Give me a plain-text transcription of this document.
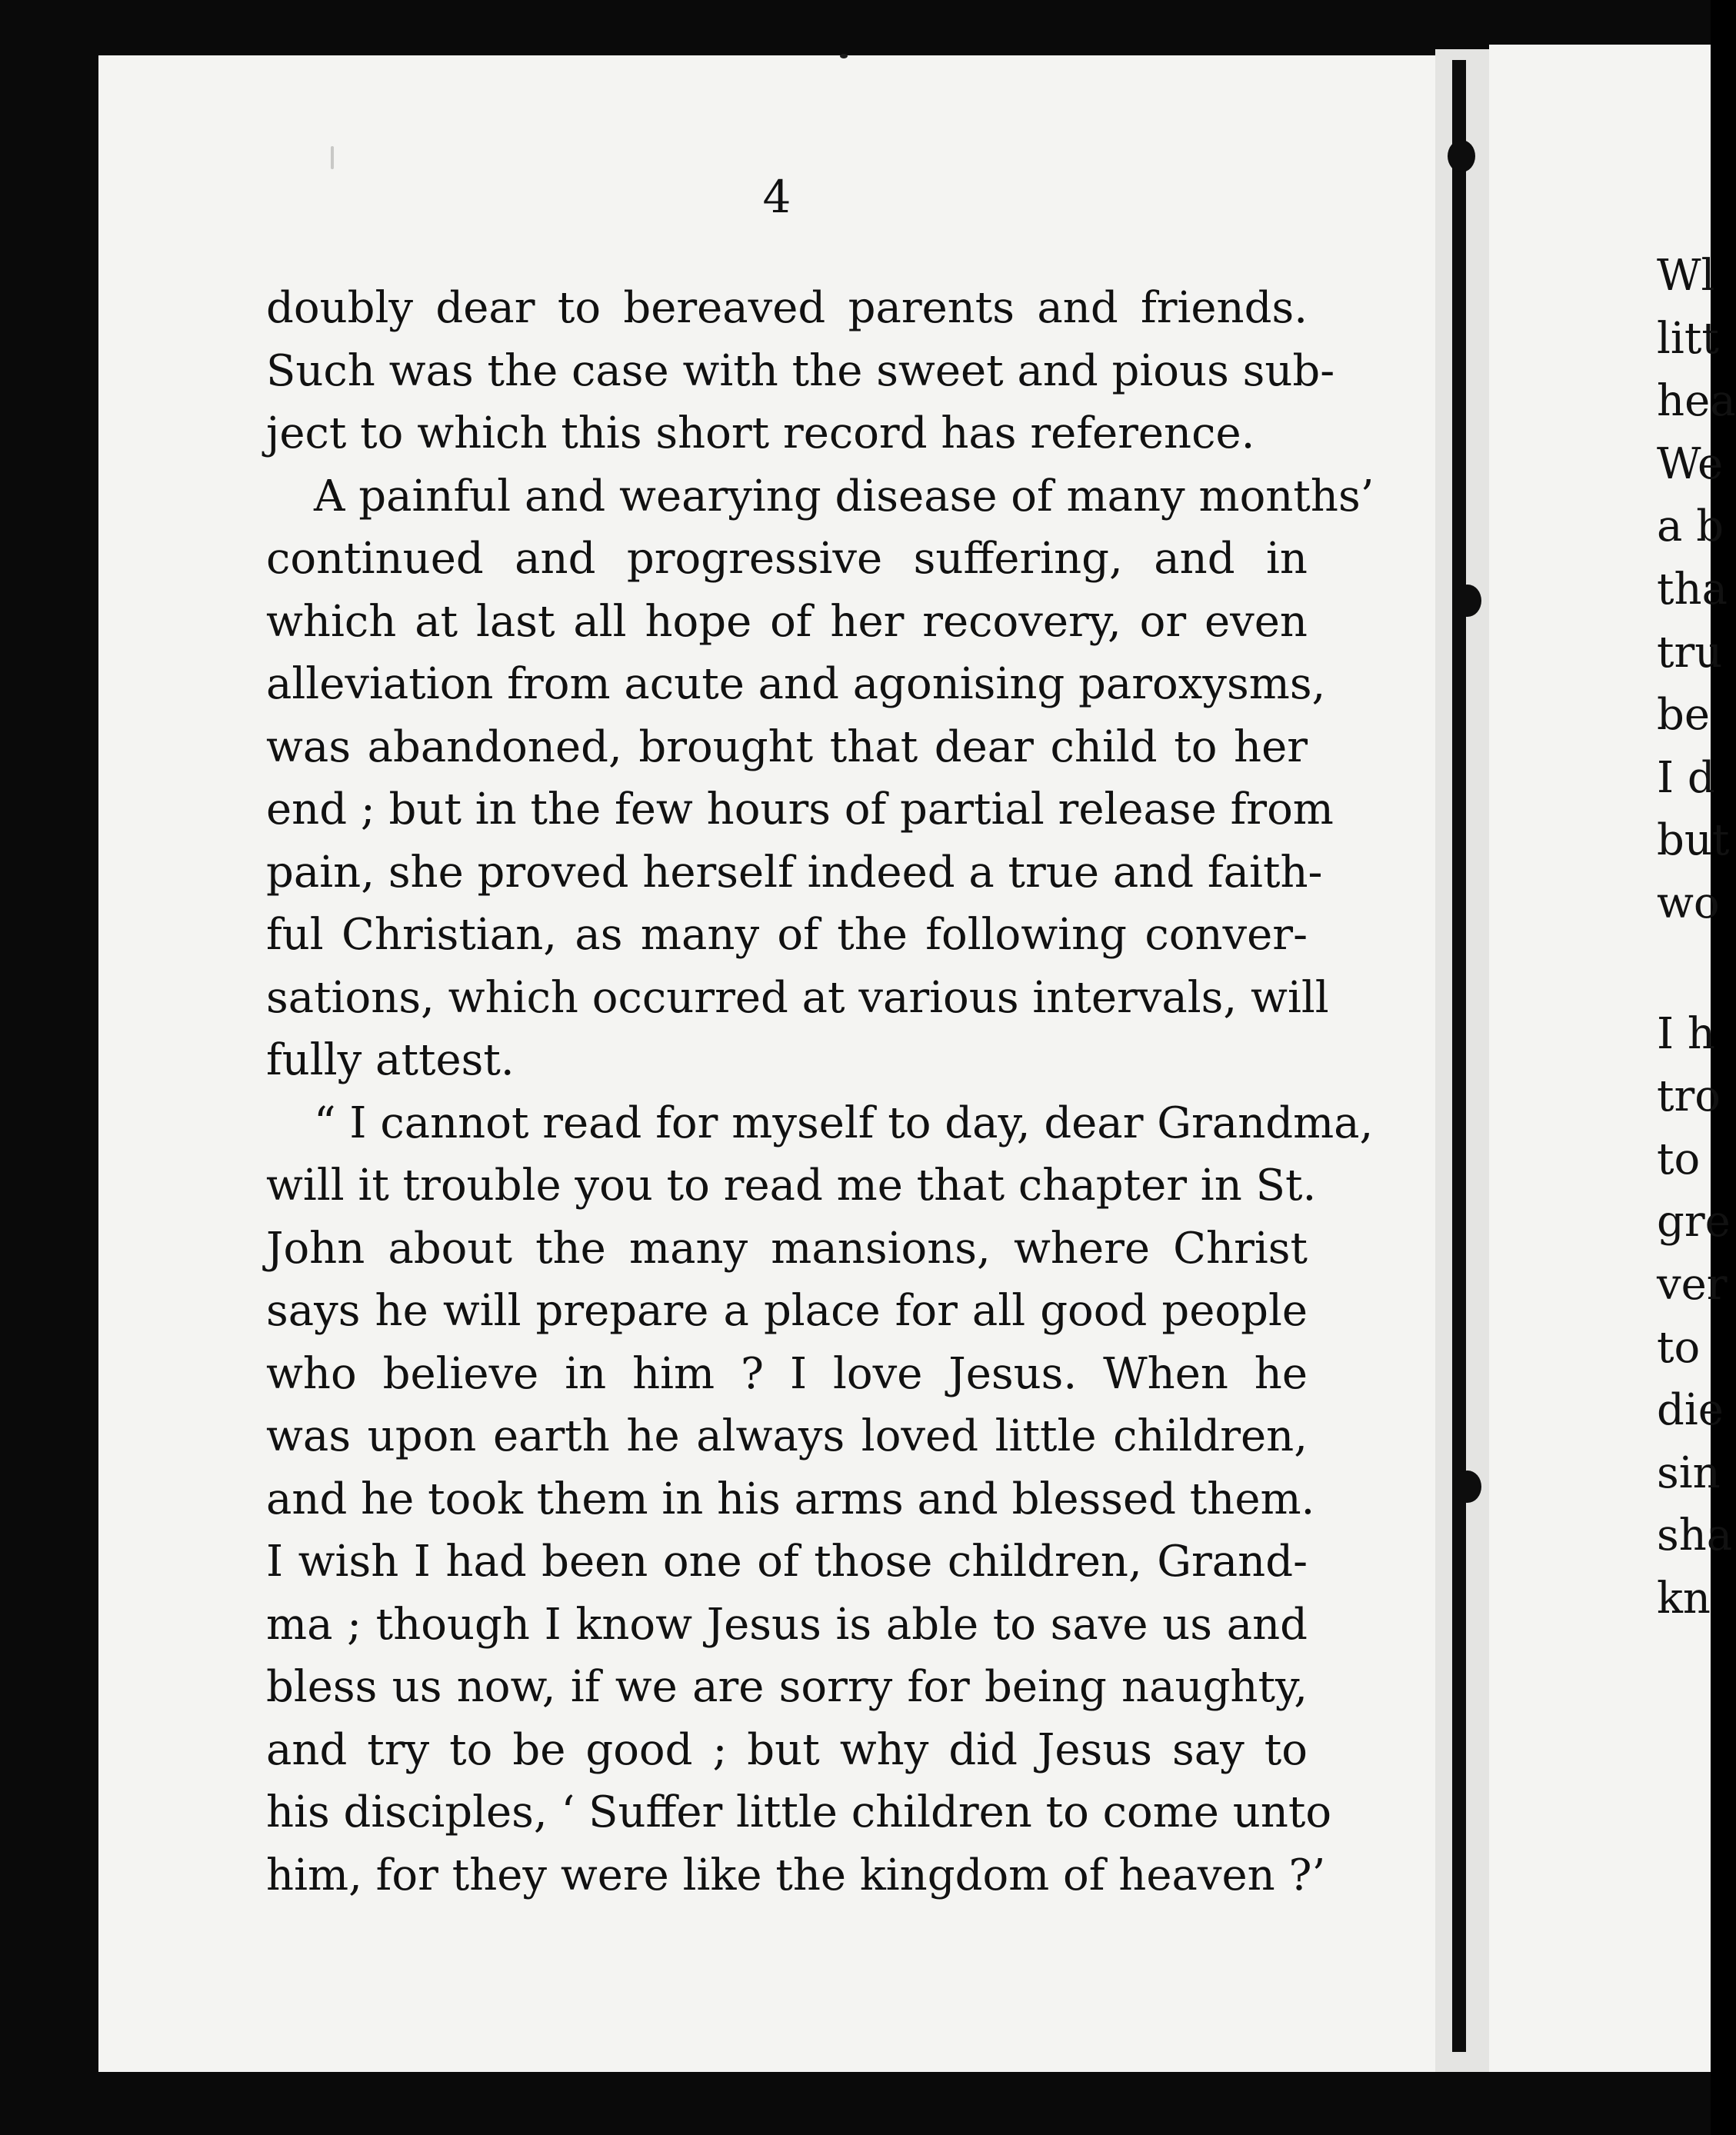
4
doubly dear to bereaved parents and friends.
Such was the case with the sweet and pious sub-
ject to which this short record has reference.
A painful and wearying disease of many months’
continued and progressive suffering, and in
which at last all hope of her recovery, or even
alleviation from acute and agonising paroxysms,
was abandoned, brought that dear child to her
end ; but in the few hours of partial release from
pain, she proved herself indeed a true and faith-
ful Christian, as many of the following conver-
sations, which occurred at various intervals, will
fully attest.
“ I cannot read for myself to day, dear Grandma,
will it trouble you to read me that chapter in St.
John about the many mansions, where Christ
says he will prepare a place for all good people
who believe in him ? I love Jesus. When he
was upon earth he always loved little children,
and he took them in his arms and blessed them.
I wish I had been one of those children, Grand-
ma ; though I know Jesus is able to save us and
bless us now, if we are sorry for being naughty,
and try to be good ; but why did Jesus say to
his disciples, ‘ Suffer little children to come unto
him, for they were like the kingdom of heaven ?’
Wl
litt
hea
We
a b
tha
tru
be
I d
but
wo
I h
tro
to
gre
ver
to
die
sin
sha
kn
